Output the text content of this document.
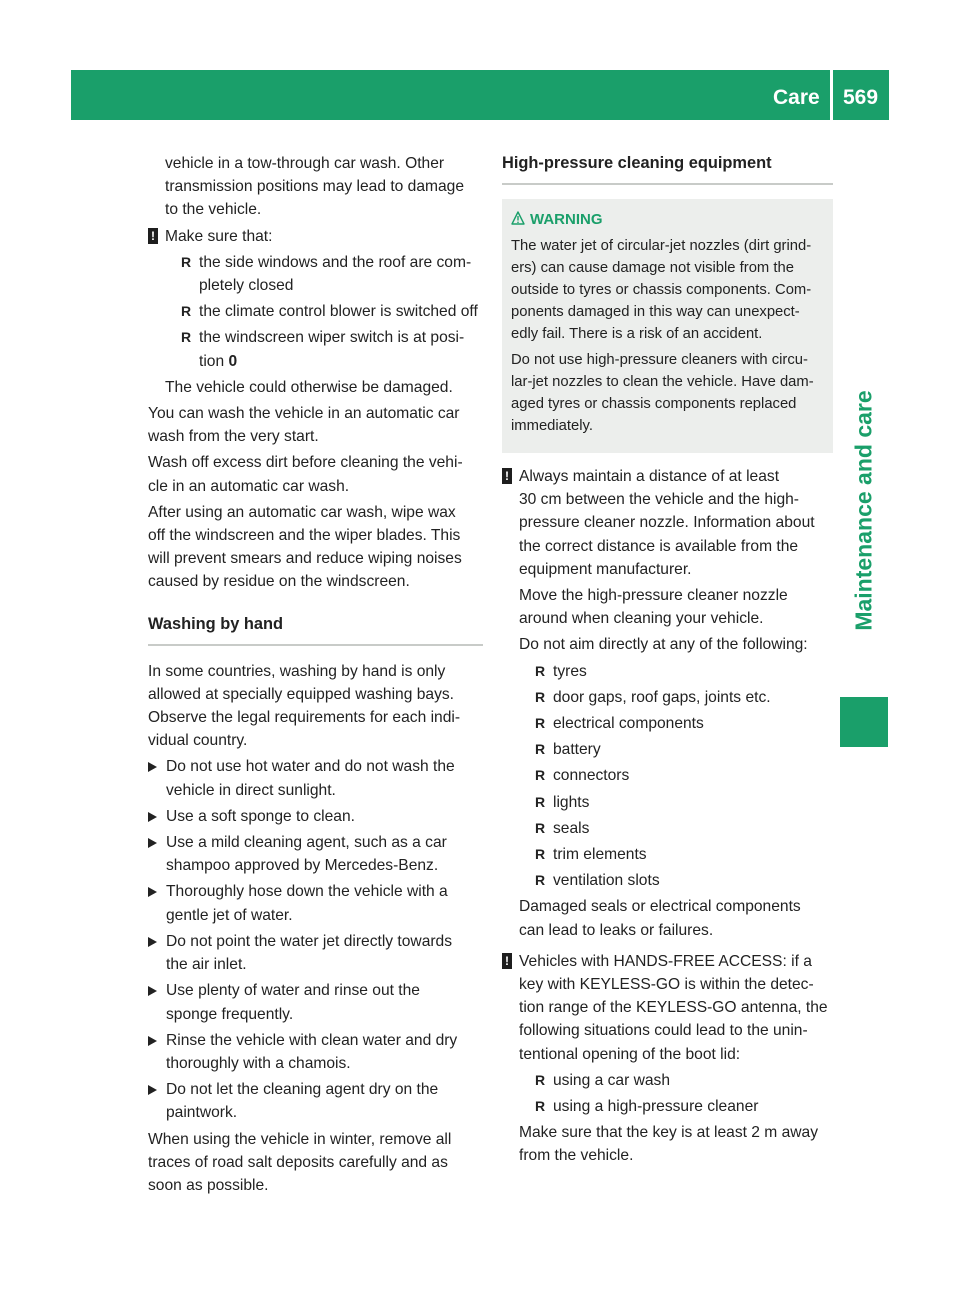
Care 569
Maintenance and care

vehicle in a tow-through car wash. Other
transmission positions may lead to damage
to the vehicle.

! Make sure that:

R the side windows and the roof are com-
pletely closed
R the climate control blower is switched off
R the windscreen wiper switch is at posi-
tion 0

The vehicle could otherwise be damaged.

You can wash the vehicle in an automatic car
wash from the very start.

Wash off excess dirt before cleaning the vehi-
cle in an automatic car wash.

After using an automatic car wash, wipe wax
off the windscreen and the wiper blades. This
will prevent smears and reduce wiping noises
caused by residue on the windscreen.

Washing by hand

In some countries, washing by hand is only
allowed at specially equipped washing bays.
Observe the legal requirements for each indi-
vidual country.

Do not use hot water and do not wash the
vehicle in direct sunlight.
Use a soft sponge to clean.
Use a mild cleaning agent, such as a car
shampoo approved by Mercedes-Benz.
Thoroughly hose down the vehicle with a
gentle jet of water.
Do not point the water jet directly towards
the air inlet.
Use plenty of water and rinse out the
sponge frequently.
Rinse the vehicle with clean water and dry
thoroughly with a chamois.
Do not let the cleaning agent dry on the
paintwork.

When using the vehicle in winter, remove all
traces of road salt deposits carefully and as
soon as possible.

High-pressure cleaning equipment
WARNING

The water jet of circular-jet nozzles (dirt grind-
ers) can cause damage not visible from the
outside to tyres or chassis components. Com-
ponents damaged in this way can unexpect-
edly fail. There is a risk of an accident.

Do not use high-pressure cleaners with circu-
lar-jet nozzles to clean the vehicle. Have dam-
aged tyres or chassis components replaced
immediately.

! Always maintain a distance of at least
30 cm between the vehicle and the high-
pressure cleaner nozzle. Information about
the correct distance is available from the
equipment manufacturer.

Move the high-pressure cleaner nozzle
around when cleaning your vehicle.

Do not aim directly at any of the following:

R tyres
R door gaps, roof gaps, joints etc.
R electrical components
R battery
R connectors
R lights
R seals
R trim elements
R ventilation slots

Damaged seals or electrical components
can lead to leaks or failures.

! Vehicles with HANDS-FREE ACCESS: if a
key with KEYLESS-GO is within the detec-
tion range of the KEYLESS-GO antenna, the
following situations could lead to the unin-
tentional opening of the boot lid:

R using a car wash
R using a high-pressure cleaner

Make sure that the key is at least 2 m away
from the vehicle.
